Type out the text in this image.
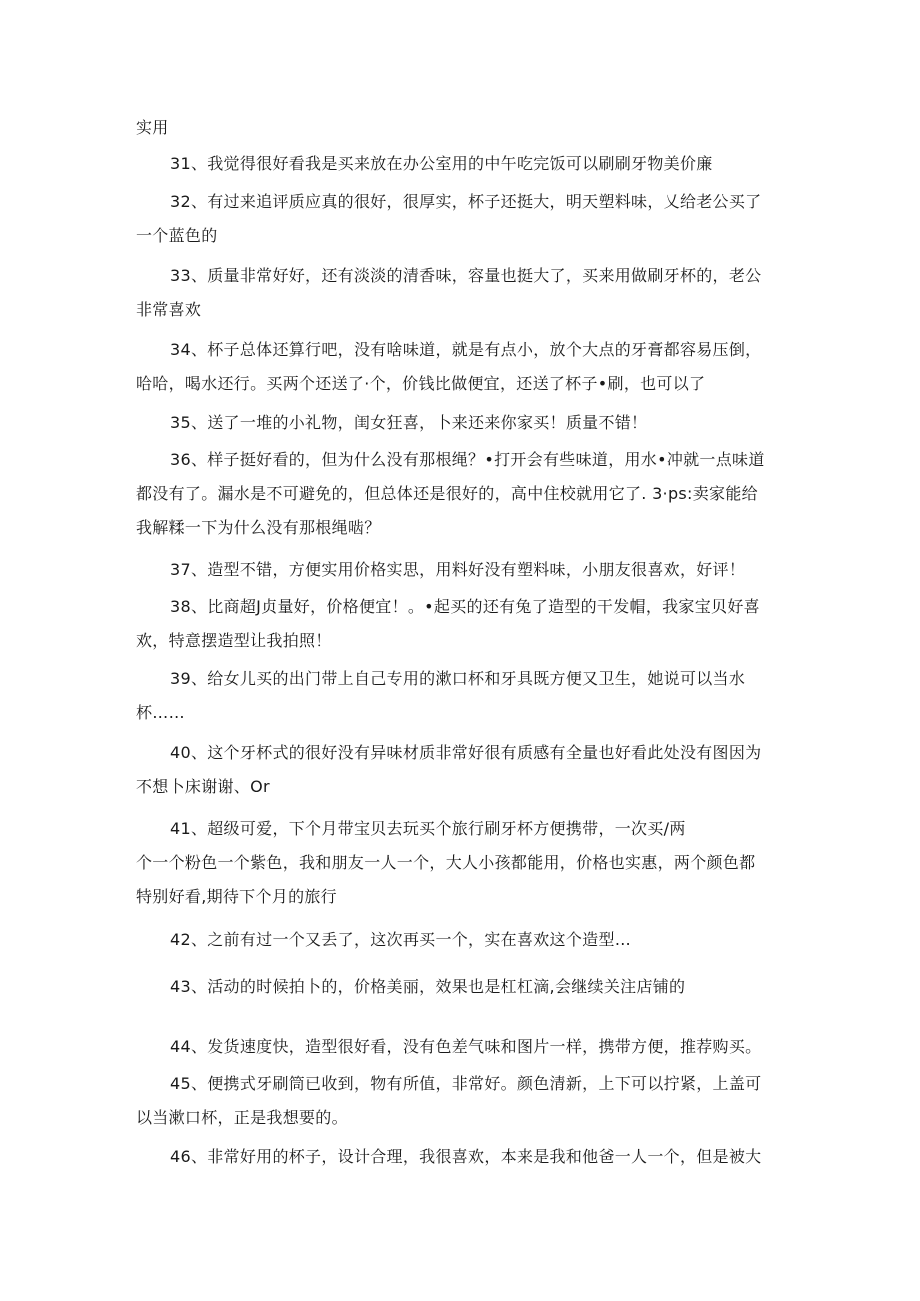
实用

31、我觉得很好看我是买来放在办公室用的中午吃完饭可以刷刷牙物美价廉

32、有过来追评质应真的很好，很厚实，杯子还挺大，明天塑料味，乂给老公买了
一个蓝色的

33、质量非常好好，还有淡淡的清香味，容量也挺大了，买来用做刷牙杯的，老公
非常喜欢

34、杯子总体还算行吧，没有啥味道，就是有点小，放个大点的牙膏都容易压倒，
哈哈，喝水还行。买两个还送了·个，价钱比做便宜，还送了杯子•刷，也可以了

35、送了一堆的小礼物，闺女狂喜，卜来还来你家买！质量不错！

36、样子挺好看的，但为什么没有那根绳？•打开会有些味道，用水•冲就一点味道
都没有了。漏水是不可避免的，但总体还是很好的，高中住校就用它了. 3·ps:卖家能给
我解糅一下为什么没有那根绳啮？

37、造型不错，方便实用价格实思，用料好没有塑料味，小朋友很喜欢，好评！

38、比商超J贞量好，价格便宜！。•起买的还有兔了造型的干发帽，我家宝贝好喜
欢，特意摆造型让我拍照！

39、给女儿买的出门带上自己专用的漱口杯和牙具既方便又卫生，她说可以当水
杯……

40、这个牙杯式的很好没有异味材质非常好很有质感有全量也好看此处没有图因为
不想卜床谢谢、Or

41、超级可爱，下个月带宝贝去玩买个旅行刷牙杯方便携带，一次买/两
个一个粉色一个紫色，我和朋友一人一个，大人小孩都能用，价格也实惠，两个颜色都
特别好看,期待下个月的旅行

42、之前有过一个又丢了，这次再买一个，实在喜欢这个造型…

43、活动的时候拍卜的，价格美丽，效果也是杠杠滴,会继续关注店铺的

44、发货速度快，造型很好看，没有色差气味和图片一样，携带方便，推荐购买。

45、便携式牙刷筒已收到，物有所值，非常好。颜色清新，上下可以拧紧，上盖可
以当漱口杯，正是我想要的。

46、非常好用的杯子，设计合理，我很喜欢，本来是我和他爸一人一个，但是被大
